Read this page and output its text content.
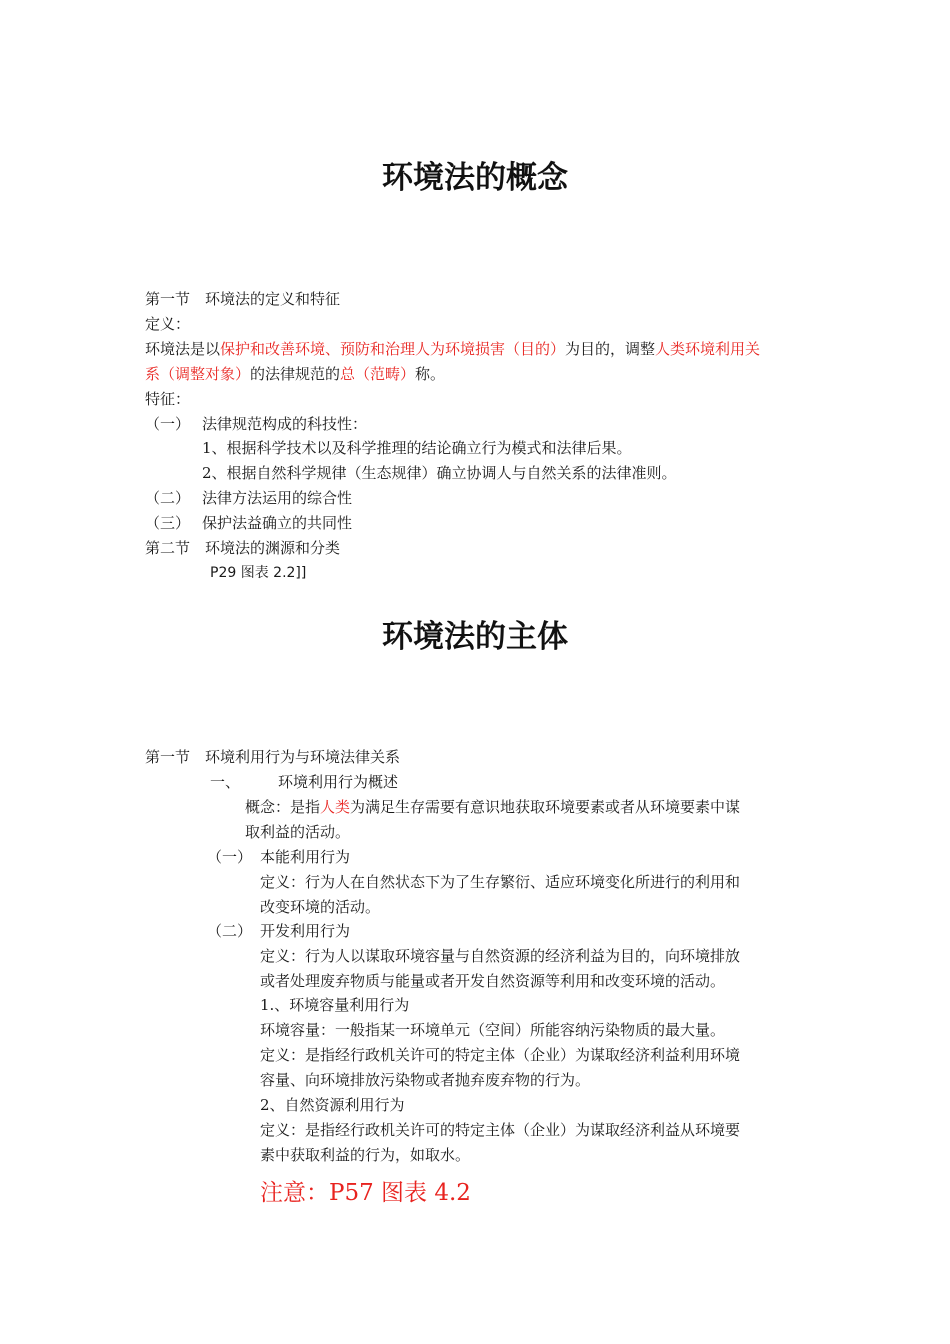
环境法的概念
第一节　环境法的定义和特征
定义：
环境法是以保护和改善环境、预防和治理人为环境损害（目的）为目的，调整人类环境利用关
系（调整对象）的法律规范的总（范畴）称。
特征：
（一） 法律规范构成的科技性：
1、根据科学技术以及科学推理的结论确立行为模式和法律后果。
2、根据自然科学规律（生态规律）确立协调人与自然关系的法律准则。
（二） 法律方法运用的综合性
（三） 保护法益确立的共同性
第二节　环境法的渊源和分类
P29 图表 2.2]]
环境法的主体
第一节　环境利用行为与环境法律关系
一、	环境利用行为概述
概念：是指人类为满足生存需要有意识地获取环境要素或者从环境要素中谋
取利益的活动。
（一） 本能利用行为
定义：行为人在自然状态下为了生存繁衍、适应环境变化所进行的利用和
改变环境的活动。
（二） 开发利用行为
定义：行为人以谋取环境容量与自然资源的经济利益为目的，向环境排放
或者处理废弃物质与能量或者开发自然资源等利用和改变环境的活动。
1.、环境容量利用行为
环境容量：一般指某一环境单元（空间）所能容纳污染物质的最大量。
定义：是指经行政机关许可的特定主体（企业）为谋取经济利益利用环境
容量、向环境排放污染物或者抛弃废弃物的行为。
2、自然资源利用行为
定义：是指经行政机关许可的特定主体（企业）为谋取经济利益从环境要
素中获取利益的行为，如取水。
注意：P57 图表 4.2
